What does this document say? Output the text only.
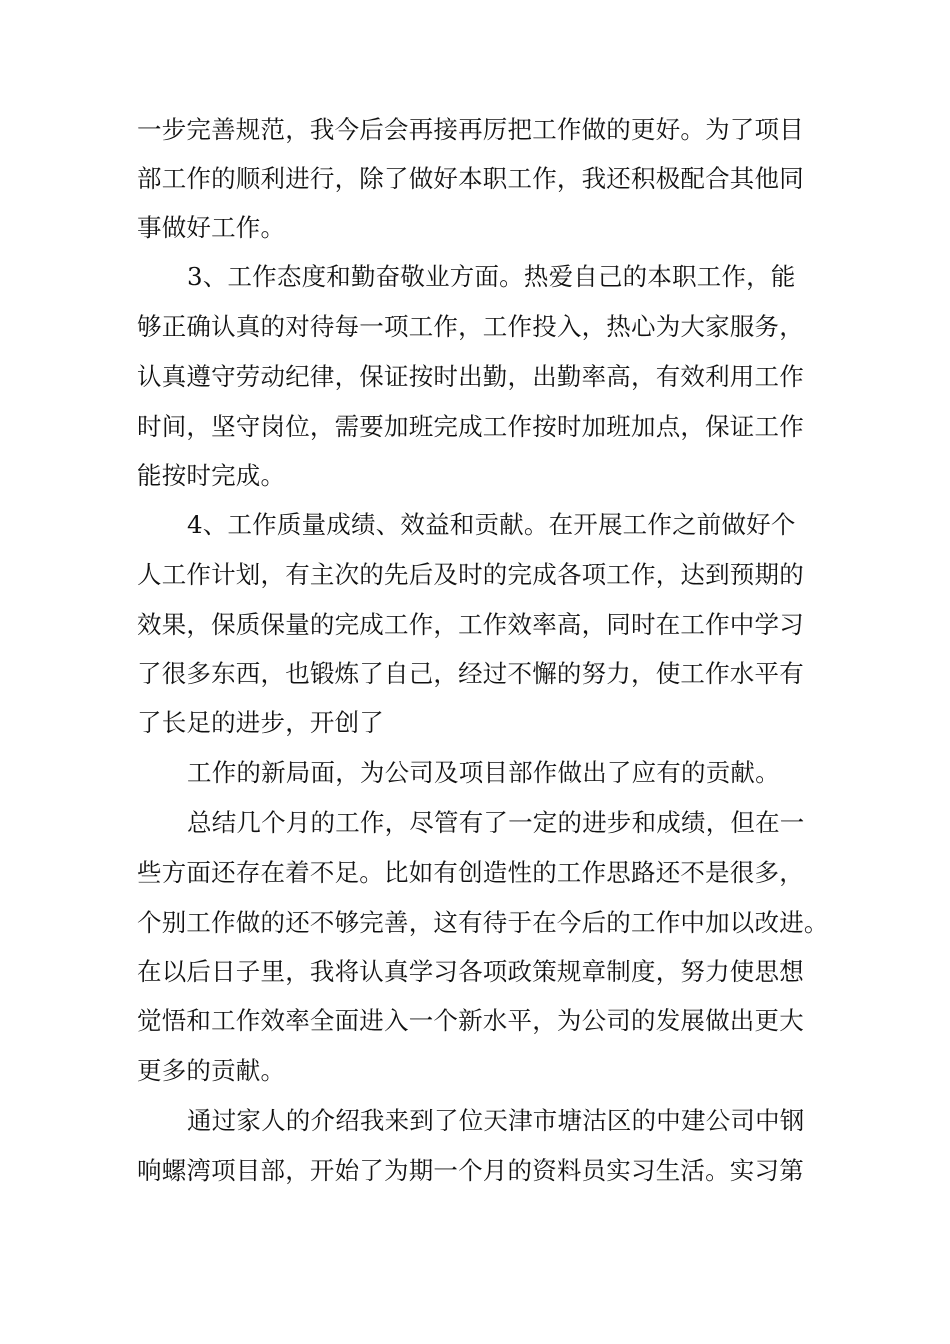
一步完善规范，我今后会再接再厉把工作做的更好。为了项目
部工作的顺利进行，除了做好本职工作，我还积极配合其他同
事做好工作。
3、工作态度和勤奋敬业方面。热爱自己的本职工作，能
够正确认真的对待每一项工作，工作投入，热心为大家服务，
认真遵守劳动纪律，保证按时出勤，出勤率高，有效利用工作
时间，坚守岗位，需要加班完成工作按时加班加点，保证工作
能按时完成。
4、工作质量成绩、效益和贡献。在开展工作之前做好个
人工作计划，有主次的先后及时的完成各项工作，达到预期的
效果，保质保量的完成工作，工作效率高，同时在工作中学习
了很多东西，也锻炼了自己，经过不懈的努力，使工作水平有
了长足的进步，开创了
工作的新局面，为公司及项目部作做出了应有的贡献。
总结几个月的工作，尽管有了一定的进步和成绩，但在一
些方面还存在着不足。比如有创造性的工作思路还不是很多，
个别工作做的还不够完善，这有待于在今后的工作中加以改进。
在以后日子里，我将认真学习各项政策规章制度，努力使思想
觉悟和工作效率全面进入一个新水平，为公司的发展做出更大
更多的贡献。
通过家人的介绍我来到了位天津市塘沽区的中建公司中钢
响螺湾项目部，开始了为期一个月的资料员实习生活。实习第
